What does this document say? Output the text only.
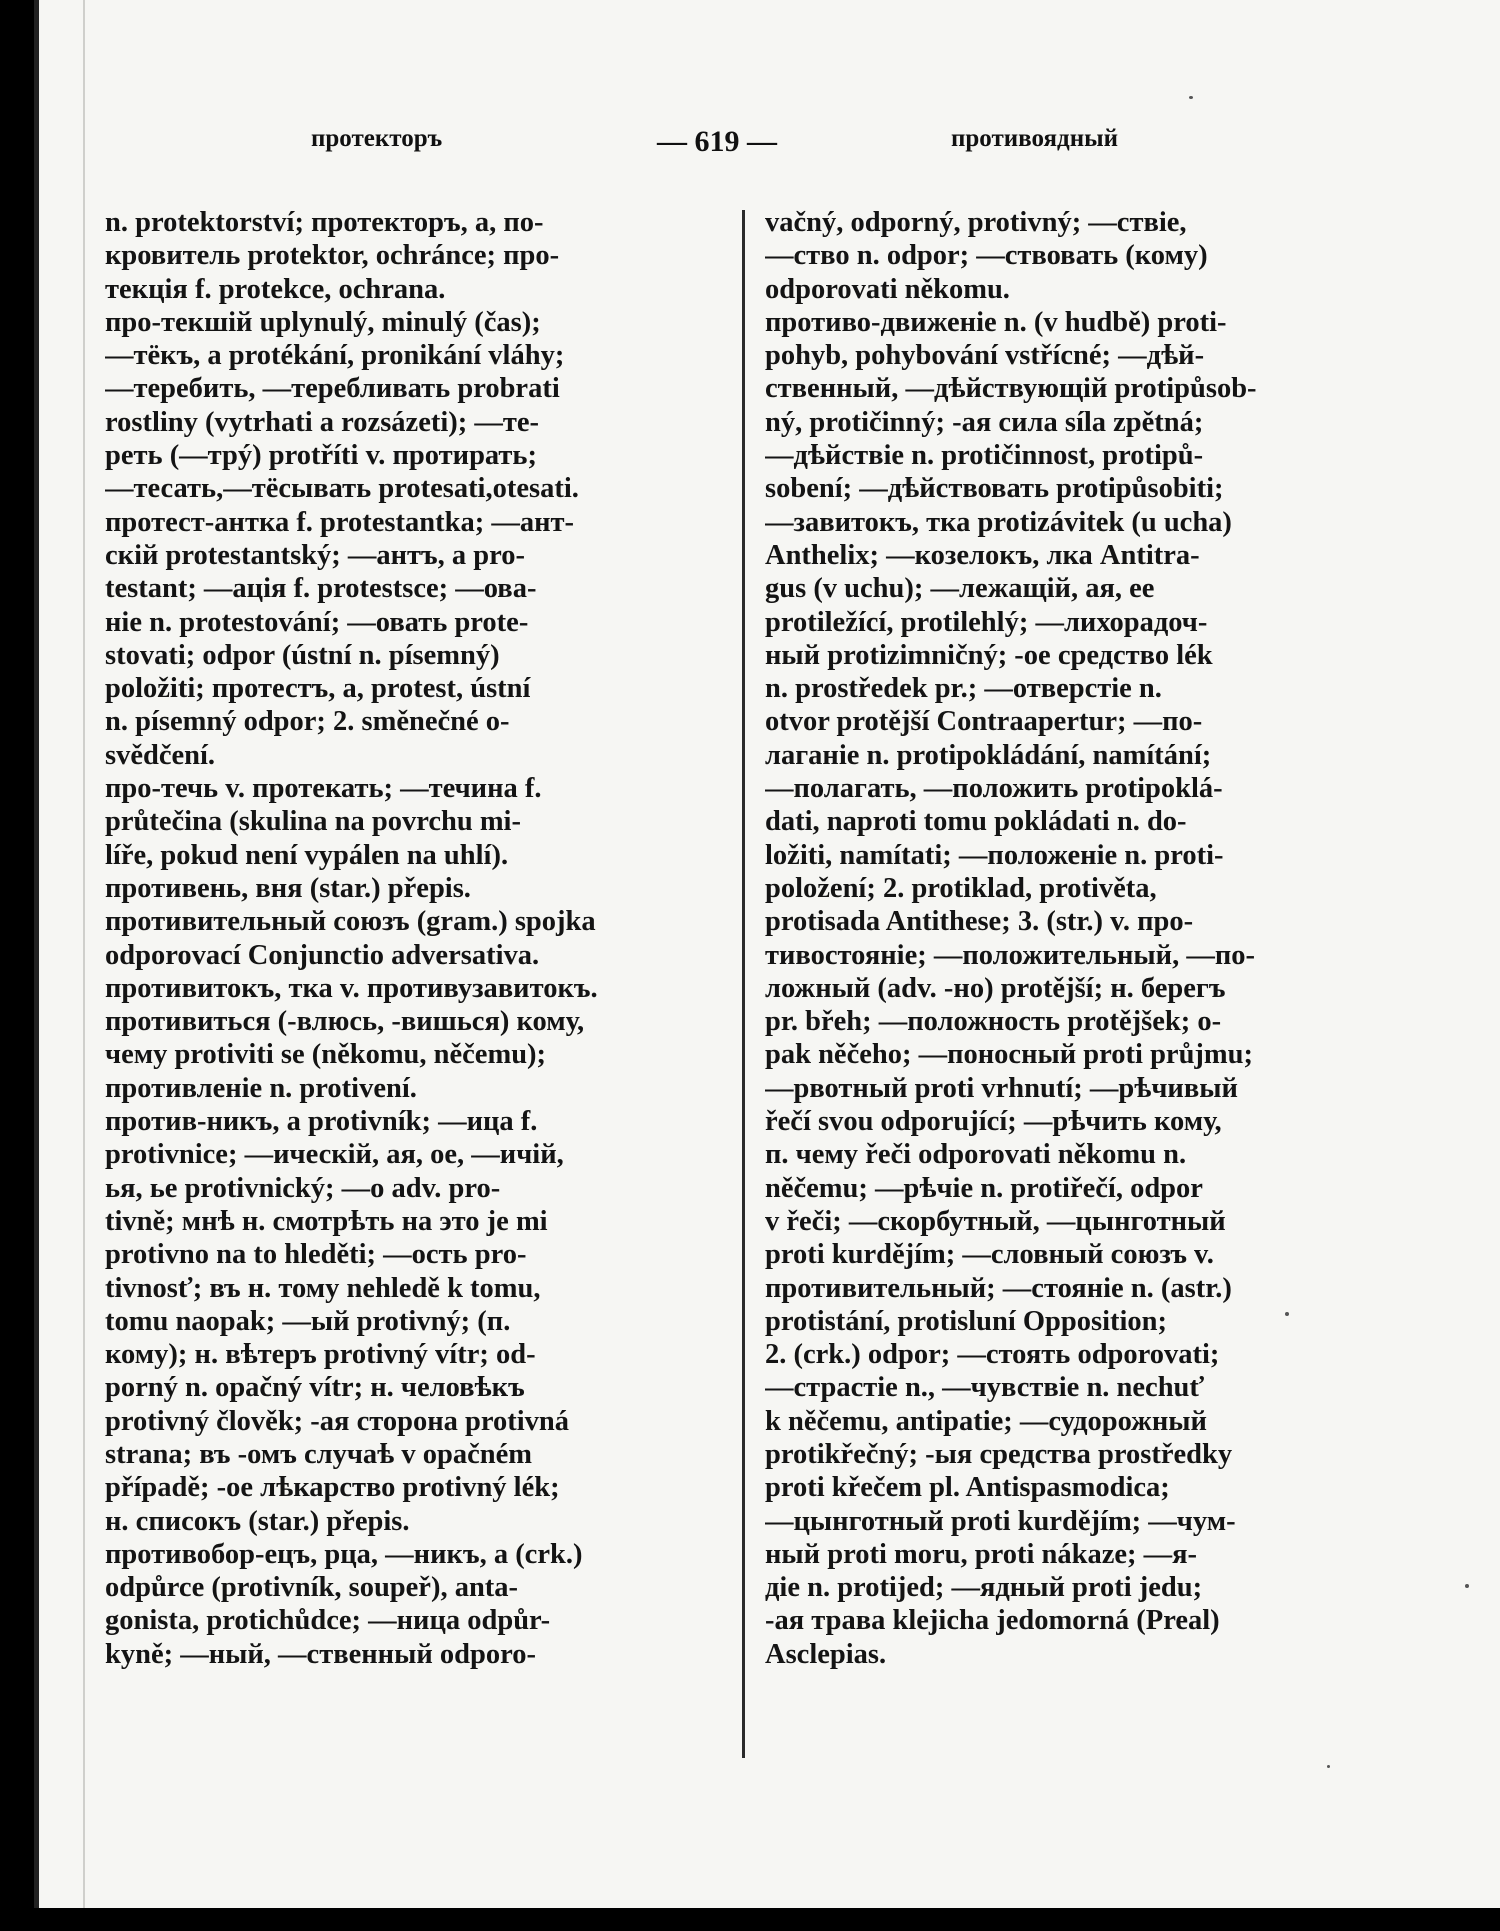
протекторъ	— 619 —	противоядный
n. protektorství; протекторъ, a, по-
кровитель protektor, ochránce; про-
текція f. protekce, ochrana.
про-текшій uplynulý, minulý (čas);
—тёкъ, a protékání, pronikání vláhy;
—теребить, —теребливать probrati
rostliny (vytrhati a rozsázeti); —те-
реть (—трý) protříti v. протирать;
—тесать,—тёсывать protesati,otesati.
протест-антка f. protestantka; —ант-
скій protestantský; —антъ, a pro-
testant; —ація f. protestsce; —ова-
ніе n. protestování; —овать prote-
stovati; odpor (ústní n. písemný)
položiti; протестъ, a, protest, ústní
n. písemný odpor; 2. směnečné o-
svědčení.
про-течь v. протекать; —течина f.
průtečina (skulina na povrchu mi-
líře, pokud není vypálen na uhlí).
противень, вня (star.) přepis.
противительный союзъ (gram.) spojka
odporovací Conjunctio adversativa.
противитокъ, тка v. противузавитокъ.
противиться (-влюсь, -вишься) кому,
чему protiviti se (někomu, něčemu);
противленіе n. protivení.
против-никъ, a protivník; —ица f.
protivnice; —ическій, ая, ое, —ичій,
ья, ье protivnický; —о adv. pro-
tivně; мнѣ н. смотрѣть на это je mi
protivno na to hleděti; —ость pro-
tivnosť; въ н. тому nehledě k tomu,
tomu naopak; —ый protivný; (п.
кому); н. вѣтеръ protivný vítr; od-
porný n. opačný vítr; н. человѣкъ
protivný člověk; -ая сторона protivná
strana; въ -омъ случаѣ v opačném
případě; -ое лѣкарство protivný lék;
н. списокъ (star.) přepis.
противобор-ецъ, рца, —никъ, a (crk.)
odpůrce (protivník, soupeř), anta-
gonista, protichůdce; —ница odpůr-
kyně; —ный, —ственный odporo-
vačný, odporný, protivný; —ствіе,
—ство n. odpor; —ствовать (кому)
odporovati někomu.
противо-движеніе n. (v hudbě) proti-
pohyb, pohybování vstřícné; —дѣй-
ственный, —дѣйствующій protipůsob-
ný, protičinný; -ая сила síla zpětná;
—дѣйствіе n. protičinnost, protipů-
sobení; —дѣйствовать protipůsobiti;
—завитокъ, тка protizávitek (u ucha)
Anthelix; —козелокъ, лка Antitra-
gus (v uchu); —лежащій, ая, ее
protiležící, protilehlý; —лихорадоч-
ный protizimničný; -ое средство lék
n. prostředek pr.; —отверстіе n.
otvor protější Contraapertur; —по-
лаганіе n. protipokládání, namítání;
—полагать, —положить protipoklá-
dati, naproti tomu pokládati n. do-
ložiti, namítati; —положеніе n. proti-
položení; 2. protiklad, protivěta,
protisada Antithese; 3. (str.) v. про-
тивостояніе; —положительный, —по-
ложный (adv. -но) protější; н. берегъ
pr. břeh; —положность protějšek; o-
pak něčeho; —поносный proti průjmu;
—рвотный proti vrhnutí; —рѣчивый
řečí svou odporující; —рѣчить кому,
п. чему řeči odporovati někomu n.
něčemu; —рѣчіе n. protiřečí, odpor
v řeči; —скорбутный, —цынготный
proti kurdějím; —словный союзъ v.
противительный; —стояніе n. (astr.)
protistání, protisluní Opposition;
2. (crk.) odpor; —стоять odporovati;
—страстіе n., —чувствіе n. nechuť
k něčemu, antipatie; —судорожный
protikřečný; -ыя средства prostředky
proti křečem pl. Antispasmodica;
—цынготный proti kurdějím; —чум-
ный proti moru, proti nákaze; —я-
діе n. protijed; —ядный proti jedu;
-ая трава klejicha jedomorná (Preal)
Asclepias.
